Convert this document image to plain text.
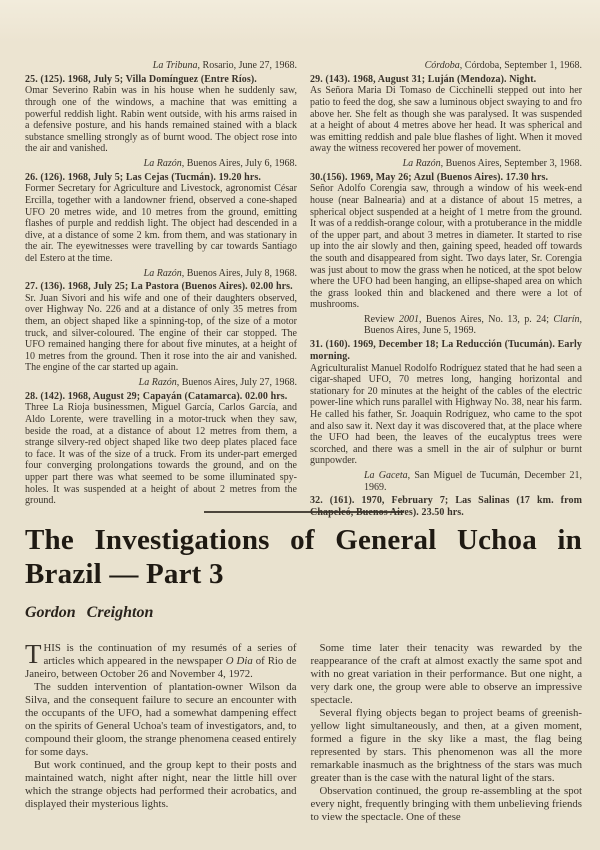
La Tribuna, Rosario, June 27, 1968.

25. (125). 1968, July 5; Villa Domínguez (Entre Ríos).

Omar Severino Rabin was in his house when he suddenly saw, through one of the windows, a machine that was emitting a powerful reddish light. Rabin went outside, with his arms raised in a defensive posture, and his hands remained stained with a black substance smelling strongly as of burnt wood. The object rose into the air and vanished.

La Razón, Buenos Aires, July 6, 1968.

26. (126). 1968, July 5; Las Cejas (Tucmán). 19.20 hrs.

Former Secretary for Agriculture and Livestock, agronomist César Ercilla, together with a landowner friend, observed a cone-shaped UFO 20 metres wide, and 10 metres from the ground, emitting flashes of purple and reddish light. The object had descended in a dive, at a distance of some 2 km. from them, and was stationary in the air. The eyewitnesses were travelling by car towards Santiago del Estero at the time.

La Razón, Buenos Aires, July 8, 1968.

27. (136). 1968, July 25; La Pastora (Buenos Aires). 02.00 hrs.

Sr. Juan Sivori and his wife and one of their daughters observed, over Highway No. 226 and at a distance of only 35 metres from them, an object shaped like a spinning-top, of the size of a motor truck, and silver-coloured. The engine of their car stopped. The UFO remained hanging there for about five minutes, at a height of 10 metres from the ground. Then it rose into the air and vanished. The engine of the car started up again.

La Razón, Buenos Aires, July 27, 1968.

28. (142). 1968, August 29; Capayán (Catamarca). 02.00 hrs.

Three La Rioja businessmen, Miguel García, Carlos García, and Aldo Lorente, were travelling in a motor-truck when they saw, beside the road, at a distance of about 12 metres from them, a strange silvery-red object shaped like two deep plates placed face to face. It was of the size of a truck. From its under-part emerged four converging prolongations towards the ground, and on the upper part there was what seemed to be some illuminated spy-holes. It was suspended at a height of about 2 metres from the ground.

Córdoba, Córdoba, September 1, 1968.

29. (143). 1968, August 31; Luján (Mendoza). Night.

As Señora Maria Di Tomaso de Cicchinelli stepped out into her patio to feed the dog, she saw a luminous object swaying to and fro above her. She felt as though she was paralysed. It was suspended at a height of about 4 metres above her head. It was spherical and was emitting reddish and pale blue flashes of light. When it moved away the witness recovered her power of movement.

La Razón, Buenos Aires, September 3, 1968.

30.(156). 1969, May 26; Azul (Buenos Aires). 17.30 hrs.

Señor Adolfo Corengia saw, through a window of his week-end house (near Balnearia) and at a distance of about 15 metres, a spherical object suspended at a height of 1 metre from the ground. It was of a reddish-orange colour, with a protuberance in the middle of the upper part, and about 3 metres in diameter. It started to rise up into the air slowly and then, gaining speed, headed off towards the south and disappeared from sight. Two days later, Sr. Corengia was just about to mow the grass when he noticed, at the spot below where the UFO had been hanging, an ellipse-shaped area on which the grass looked thin and blackened and there were a lot of mushrooms.

Review 2001, Buenos Aires, No. 13, p. 24; Clarín, Buenos Aires, June 5, 1969.

31. (160). 1969, December 18; La Reducción (Tucumán). Early morning.

Agriculturalist Manuel Rodolfo Rodríguez stated that he had seen a cigar-shaped UFO, 70 metres long, hanging horizontal and stationary for 20 minutes at the height of the cables of the electric power-line which runs parallel with Highway No. 38, near his farm. He called his father, Sr. Joaquin Rodríguez, who came to the spot and also saw it. Next day it was discovered that, at the place where the UFO had been, the leaves of the eucalyptus trees were scorched, and there was a smell in the air of sulphur or burnt gunpowder.

La Gaceta, San Miguel de Tucumán, December 21, 1969.

32. (161). 1970, February 7; Las Salinas (17 km. from Chapelcó, Buenos Aires). 23.50 hrs.

The Investigations of General Uchoa in
Brazil — Part 3

Gordon Creighton

THIS is the continuation of my resumés of a series of articles which appeared in the newspaper O Dia of Rio de Janeiro, between October 26 and November 4, 1972.

The sudden intervention of plantation-owner Wilson da Silva, and the consequent failure to secure an encounter with the occupants of the UFO, had a somewhat dampening effect on the spirits of General Uchoa's team of investigators, and, to compound their gloom, the strange phenomena ceased entirely for some days.

But work continued, and the group kept to their posts and maintained watch, night after night, near the little hill over which the strange objects had performed their acrobatics, and displayed their mysterious lights.

Some time later their tenacity was rewarded by the reappearance of the craft at almost exactly the same spot and with no great variation in their performance. But one night, a very dark one, the group were able to observe an impressive spectacle.

Several flying objects began to project beams of greenish-yellow light simultaneously, and then, at a given moment, formed a figure in the sky like a mast, the flag being represented by stars. This phenomenon was all the more remarkable inasmuch as the brightness of the stars was much greater than is the case with the natural light of the stars.

Observation continued, the group re-assembling at the spot every night, frequently bringing with them unbelieving friends to view the spectacle. One of these
